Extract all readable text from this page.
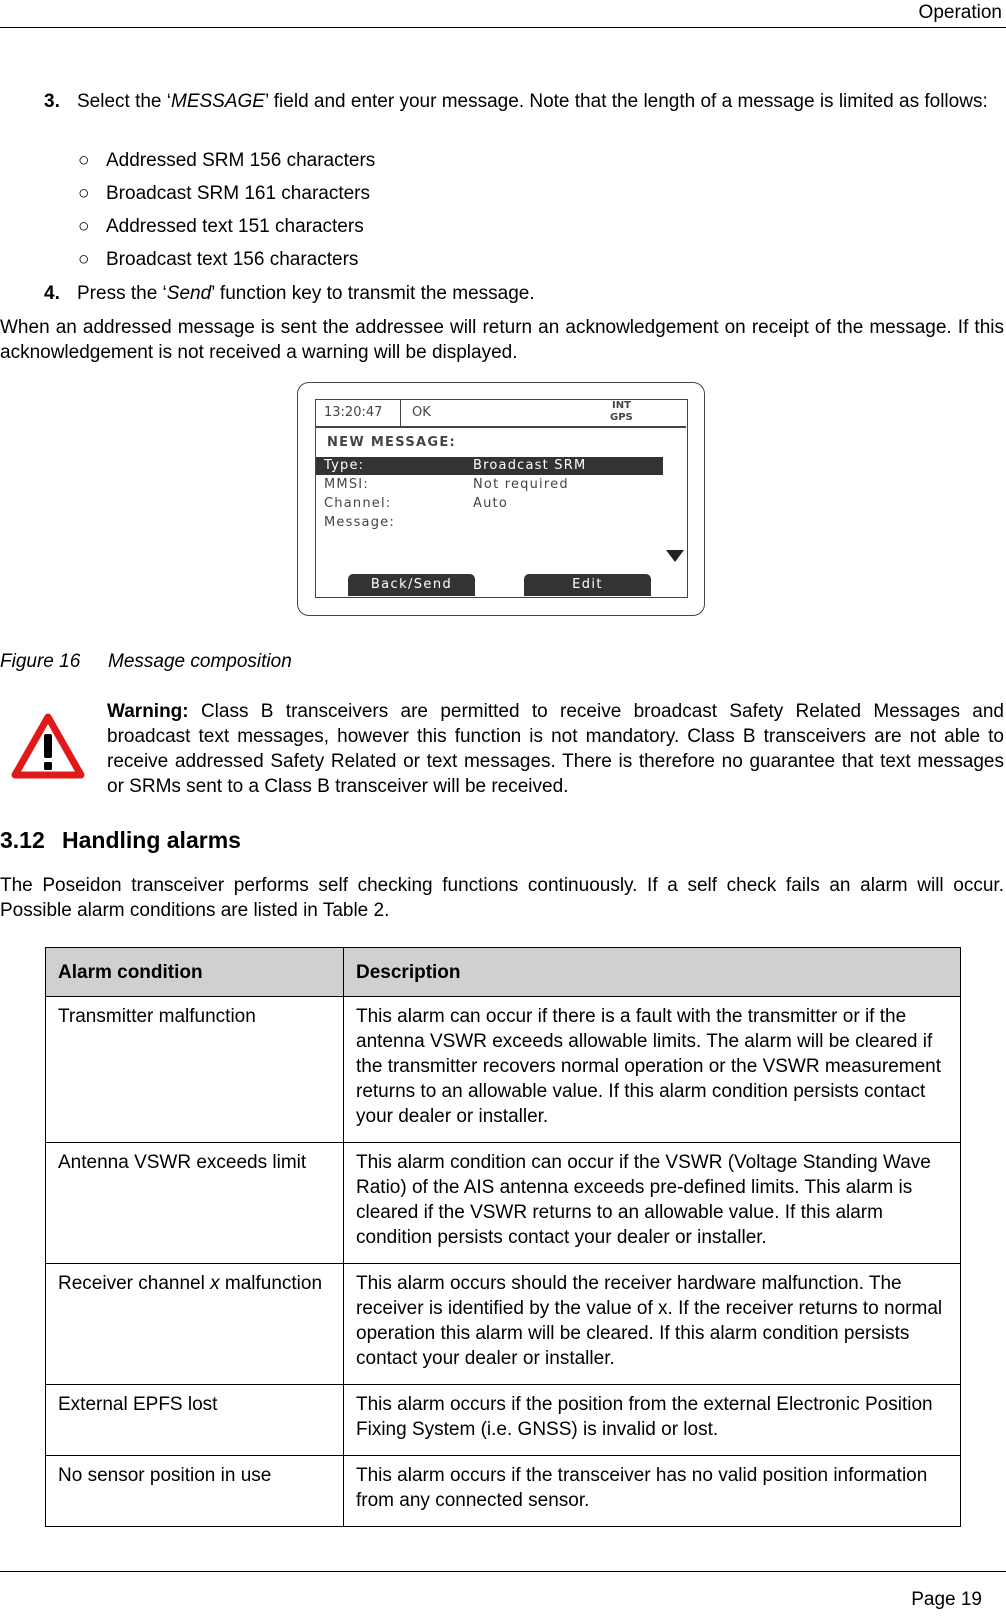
Operation
3. Select the ‘MESSAGE’ field and enter your message. Note that the length of a message is limited as follows:
○ Addressed SRM 156 characters
○ Broadcast SRM 161 characters
○ Addressed text 151 characters
○ Broadcast text 156 characters
4. Press the ‘Send’ function key to transmit the message.
When an addressed message is sent the addressee will return an acknowledgement on receipt of the message. If this acknowledgement is not received a warning will be displayed.
13:20:47 OK	INT
GPS
NEW MESSAGE:
Type:	Broadcast SRM
MMSI:	Not required
Channel:	Auto
Message:
Back/Send	Edit
Figure 16 Message composition
Warning: Class B transceivers are permitted to receive broadcast Safety Related Messages and broadcast text messages, however this function is not mandatory. Class B transceivers are not able to receive addressed Safety Related or text messages. There is therefore no guarantee that text messages or SRMs sent to a Class B transceiver will be received.
3.12 Handling alarms
The Poseidon transceiver performs self checking functions continuously. If a self check fails an alarm will occur. Possible alarm conditions are listed in Table 2.
Alarm condition	Description
Transmitter malfunction	This alarm can occur if there is a fault with the transmitter or if the antenna VSWR exceeds allowable limits. The alarm will be cleared if the transmitter recovers normal operation or the VSWR measurement returns to an allowable value. If this alarm condition persists contact your dealer or installer.
Antenna VSWR exceeds limit	This alarm condition can occur if the VSWR (Voltage Standing Wave Ratio) of the AIS antenna exceeds pre-defined limits. This alarm is cleared if the VSWR returns to an allowable value. If this alarm condition persists contact your dealer or installer.
Receiver channel x malfunction	This alarm occurs should the receiver hardware malfunction. The receiver is identified by the value of x. If the receiver returns to normal operation this alarm will be cleared. If this alarm condition persists contact your dealer or installer.
External EPFS lost	This alarm occurs if the position from the external Electronic Position Fixing System (i.e. GNSS) is invalid or lost.
No sensor position in use	This alarm occurs if the transceiver has no valid position information from any connected sensor.
Page 19
